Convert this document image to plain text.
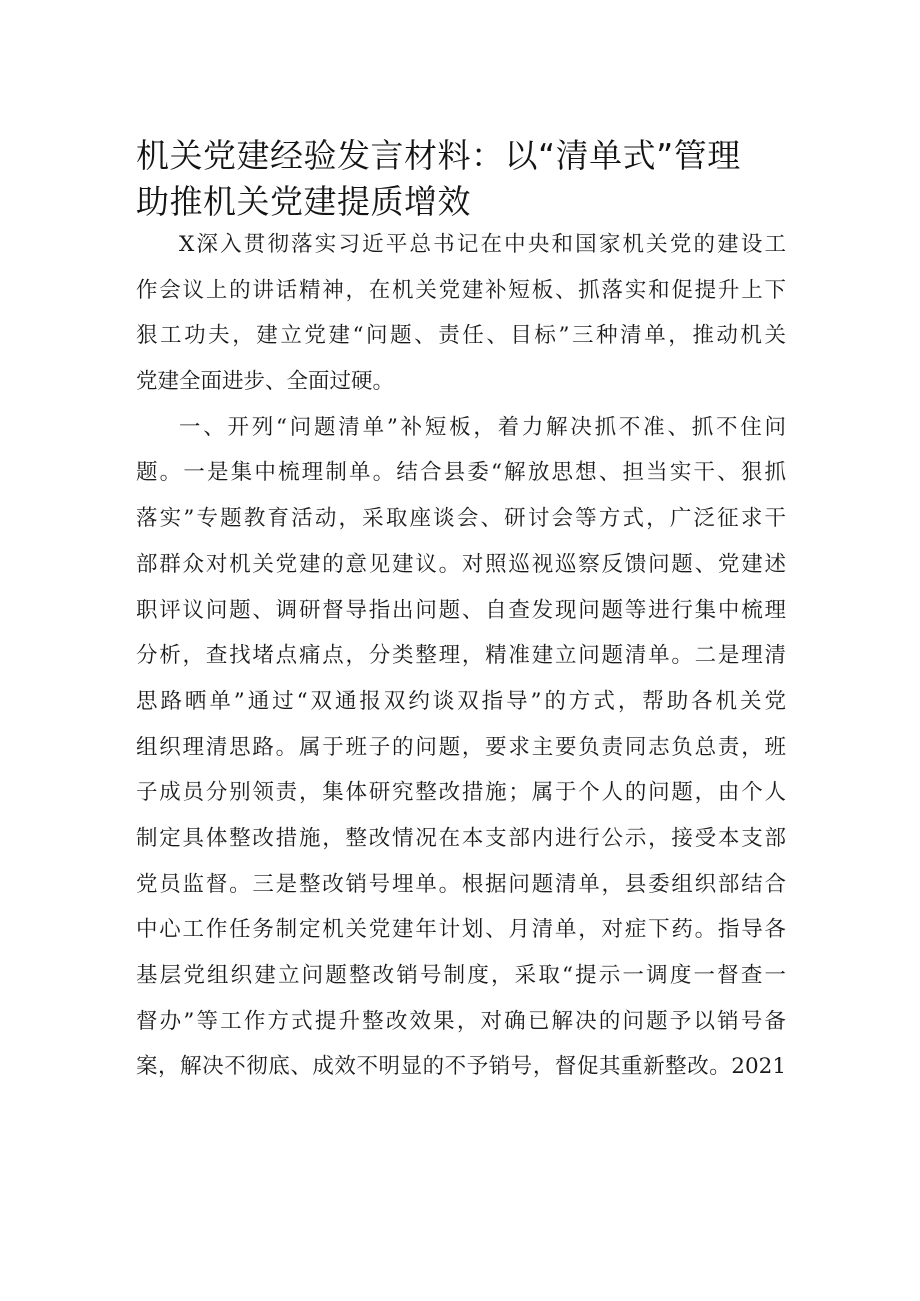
机关党建经验发言材料：以“清单式”管理
助推机关党建提质增效
X深入贯彻落实习近平总书记在中央和国家机关党的建设工
作会议上的讲话精神，在机关党建补短板、抓落实和促提升上下
狠工功夫，建立党建“问题、责任、目标”三种清单，推动机关
党建全面进步、全面过硬。
一、开列“问题清单”补短板，着力解决抓不准、抓不住问
题。一是集中梳理制单。结合县委“解放思想、担当实干、狠抓
落实”专题教育活动，采取座谈会、研讨会等方式，广泛征求干
部群众对机关党建的意见建议。对照巡视巡察反馈问题、党建述
职评议问题、调研督导指出问题、自查发现问题等进行集中梳理
分析，查找堵点痛点，分类整理，精准建立问题清单。二是理清
思路晒单”通过“双通报双约谈双指导”的方式，帮助各机关党
组织理清思路。属于班子的问题，要求主要负责同志负总责，班
子成员分别领责，集体研究整改措施；属于个人的问题，由个人
制定具体整改措施，整改情况在本支部内进行公示，接受本支部
党员监督。三是整改销号埋单。根据问题清单，县委组织部结合
中心工作任务制定机关党建年计划、月清单，对症下药。指导各
基层党组织建立问题整改销号制度，采取“提示一调度一督查一
督办”等工作方式提升整改效果，对确已解决的问题予以销号备
案，解决不彻底、成效不明显的不予销号，督促其重新整改。2021
